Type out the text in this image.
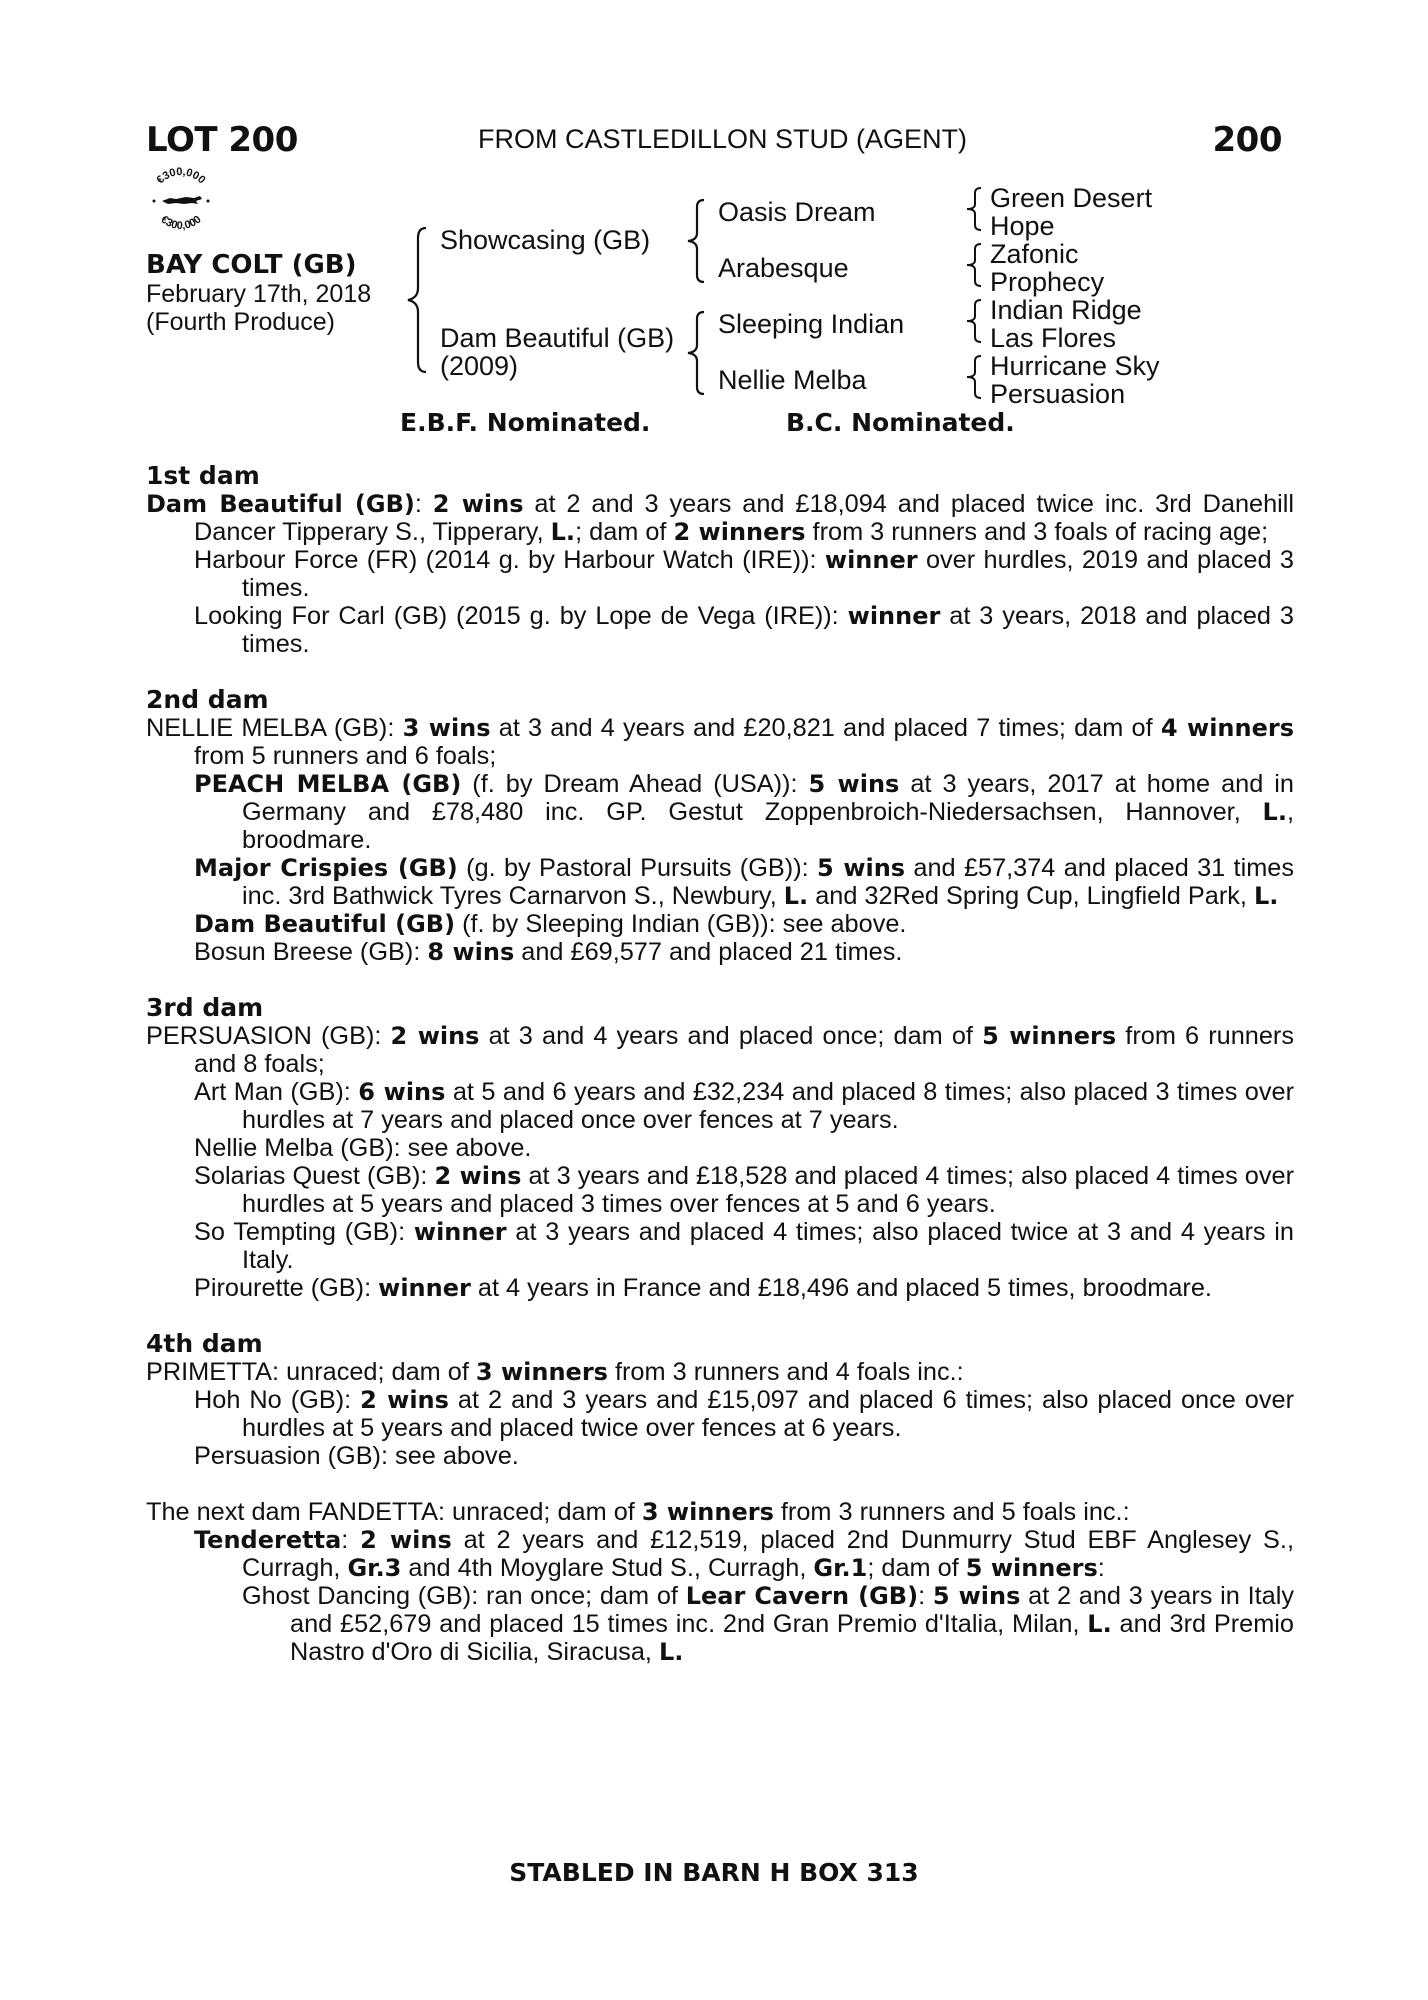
LOT 200	FROM CASTLEDILLON STUD (AGENT)	200
€300,000
€300,000
BAY COLT (GB)
February 17th, 2018
(Fourth Produce)
Showcasing (GB)
Dam Beautiful (GB)
(2009)
Oasis Dream
Arabesque
Sleeping Indian
Nellie Melba
Green Desert
Hope
Zafonic
Prophecy
Indian Ridge
Las Flores
Hurricane Sky
Persuasion
E.B.F. Nominated.	B.C. Nominated.

1st dam

Dam Beautiful (GB): 2 wins at 2 and 3 years and £18,094 and placed twice inc. 3rd Danehill Dancer Tipperary S., Tipperary, L.; dam of 2 winners from 3 runners and 3 foals of racing age;

Harbour Force (FR) (2014 g. by Harbour Watch (IRE)): winner over hurdles, 2019 and placed 3 times.

Looking For Carl (GB) (2015 g. by Lope de Vega (IRE)): winner at 3 years, 2018 and placed 3 times.

2nd dam

NELLIE MELBA (GB): 3 wins at 3 and 4 years and £20,821 and placed 7 times; dam of 4 winners from 5 runners and 6 foals;

PEACH MELBA (GB) (f. by Dream Ahead (USA)): 5 wins at 3 years, 2017 at home and in Germany and £78,480 inc. GP. Gestut Zoppenbroich-Niedersachsen, Hannover, L., broodmare.

Major Crispies (GB) (g. by Pastoral Pursuits (GB)): 5 wins and £57,374 and placed 31 times inc. 3rd Bathwick Tyres Carnarvon S., Newbury, L. and 32Red Spring Cup, Lingfield Park, L.

Dam Beautiful (GB) (f. by Sleeping Indian (GB)): see above.

Bosun Breese (GB): 8 wins and £69,577 and placed 21 times.

3rd dam

PERSUASION (GB): 2 wins at 3 and 4 years and placed once; dam of 5 winners from 6 runners and 8 foals;

Art Man (GB): 6 wins at 5 and 6 years and £32,234 and placed 8 times; also placed 3 times over hurdles at 7 years and placed once over fences at 7 years.

Nellie Melba (GB): see above.

Solarias Quest (GB): 2 wins at 3 years and £18,528 and placed 4 times; also placed 4 times over hurdles at 5 years and placed 3 times over fences at 5 and 6 years.

So Tempting (GB): winner at 3 years and placed 4 times; also placed twice at 3 and 4 years in Italy.

Pirourette (GB): winner at 4 years in France and £18,496 and placed 5 times, broodmare.

4th dam

PRIMETTA: unraced; dam of 3 winners from 3 runners and 4 foals inc.:

Hoh No (GB): 2 wins at 2 and 3 years and £15,097 and placed 6 times; also placed once over hurdles at 5 years and placed twice over fences at 6 years.

Persuasion (GB): see above.

The next dam FANDETTA: unraced; dam of 3 winners from 3 runners and 5 foals inc.:

Tenderetta: 2 wins at 2 years and £12,519, placed 2nd Dunmurry Stud EBF Anglesey S., Curragh, Gr.3 and 4th Moyglare Stud S., Curragh, Gr.1; dam of 5 winners:

Ghost Dancing (GB): ran once; dam of Lear Cavern (GB): 5 wins at 2 and 3 years in Italy and £52,679 and placed 15 times inc. 2nd Gran Premio d'Italia, Milan, L. and 3rd Premio Nastro d'Oro di Sicilia, Siracusa, L.

STABLED IN BARN H BOX 313
